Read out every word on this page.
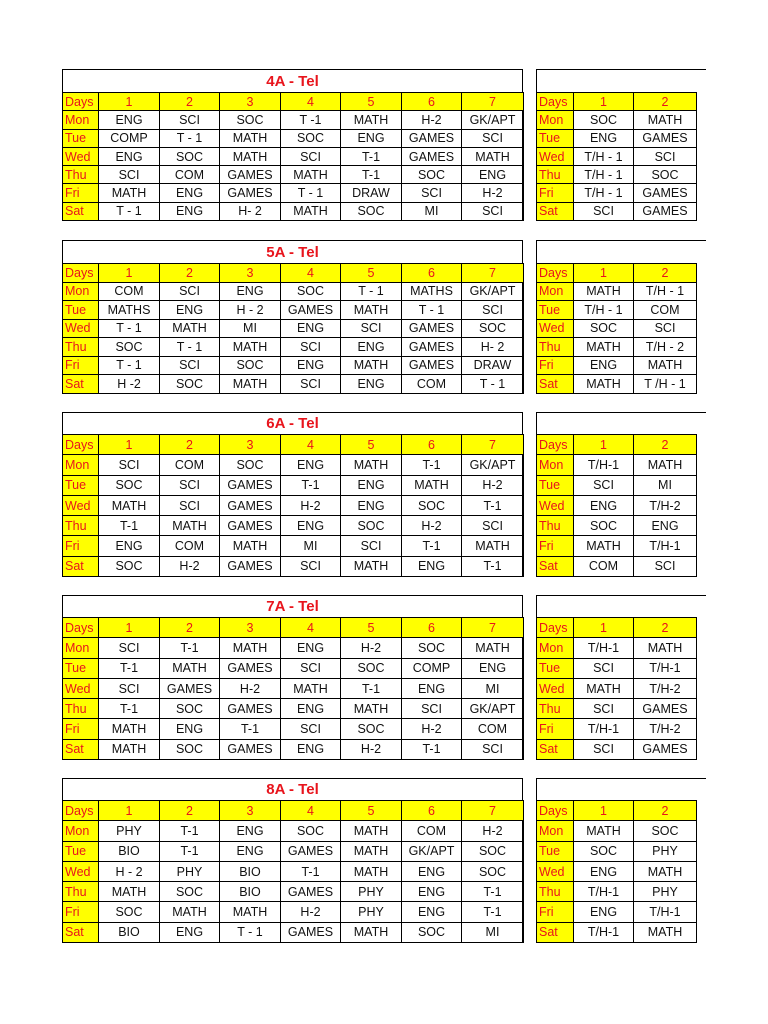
4A - Tel
Days	1	2	3	4	5	6	7
Mon	ENG	SCI	SOC	T -1	MATH	H-2	GK/APT
Tue	COMP	T - 1	MATH	SOC	ENG	GAMES	SCI
Wed	ENG	SOC	MATH	SCI	T-1	GAMES	MATH
Thu	SCI	COM	GAMES	MATH	T-1	SOC	ENG
Fri	MATH	ENG	GAMES	T - 1	DRAW	SCI	H-2
Sat	T - 1	ENG	H- 2	MATH	SOC	MI	SCI
Days	1	2
Mon	SOC	MATH
Tue	ENG	GAMES
Wed	T/H - 1	SCI
Thu	T/H - 1	SOC
Fri	T/H - 1	GAMES
Sat	SCI	GAMES
5A - Tel
Days	1	2	3	4	5	6	7
Mon	COM	SCI	ENG	SOC	T - 1	MATHS	GK/APT
Tue	MATHS	ENG	H - 2	GAMES	MATH	T - 1	SCI
Wed	T - 1	MATH	MI	ENG	SCI	GAMES	SOC
Thu	SOC	T - 1	MATH	SCI	ENG	GAMES	H- 2
Fri	T - 1	SCI	SOC	ENG	MATH	GAMES	DRAW
Sat	H -2	SOC	MATH	SCI	ENG	COM	T - 1
Days	1	2
Mon	MATH	T/H - 1
Tue	T/H - 1	COM
Wed	SOC	SCI
Thu	MATH	T/H - 2
Fri	ENG	MATH
Sat	MATH	T /H - 1
6A - Tel
Days	1	2	3	4	5	6	7
Mon	SCI	COM	SOC	ENG	MATH	T-1	GK/APT
Tue	SOC	SCI	GAMES	T-1	ENG	MATH	H-2
Wed	MATH	SCI	GAMES	H-2	ENG	SOC	T-1
Thu	T-1	MATH	GAMES	ENG	SOC	H-2	SCI
Fri	ENG	COM	MATH	MI	SCI	T-1	MATH
Sat	SOC	H-2	GAMES	SCI	MATH	ENG	T-1
Days	1	2
Mon	T/H-1	MATH
Tue	SCI	MI
Wed	ENG	T/H-2
Thu	SOC	ENG
Fri	MATH	T/H-1
Sat	COM	SCI
7A - Tel
Days	1	2	3	4	5	6	7
Mon	SCI	T-1	MATH	ENG	H-2	SOC	MATH
Tue	T-1	MATH	GAMES	SCI	SOC	COMP	ENG
Wed	SCI	GAMES	H-2	MATH	T-1	ENG	MI
Thu	T-1	SOC	GAMES	ENG	MATH	SCI	GK/APT
Fri	MATH	ENG	T-1	SCI	SOC	H-2	COM
Sat	MATH	SOC	GAMES	ENG	H-2	T-1	SCI
Days	1	2
Mon	T/H-1	MATH
Tue	SCI	T/H-1
Wed	MATH	T/H-2
Thu	SCI	GAMES
Fri	T/H-1	T/H-2
Sat	SCI	GAMES
8A - Tel
Days	1	2	3	4	5	6	7
Mon	PHY	T-1	ENG	SOC	MATH	COM	H-2
Tue	BIO	T-1	ENG	GAMES	MATH	GK/APT	SOC
Wed	H - 2	PHY	BIO	T-1	MATH	ENG	SOC
Thu	MATH	SOC	BIO	GAMES	PHY	ENG	T-1
Fri	SOC	MATH	MATH	H-2	PHY	ENG	T-1
Sat	BIO	ENG	T - 1	GAMES	MATH	SOC	MI
Days	1	2
Mon	MATH	SOC
Tue	SOC	PHY
Wed	ENG	MATH
Thu	T/H-1	PHY
Fri	ENG	T/H-1
Sat	T/H-1	MATH
